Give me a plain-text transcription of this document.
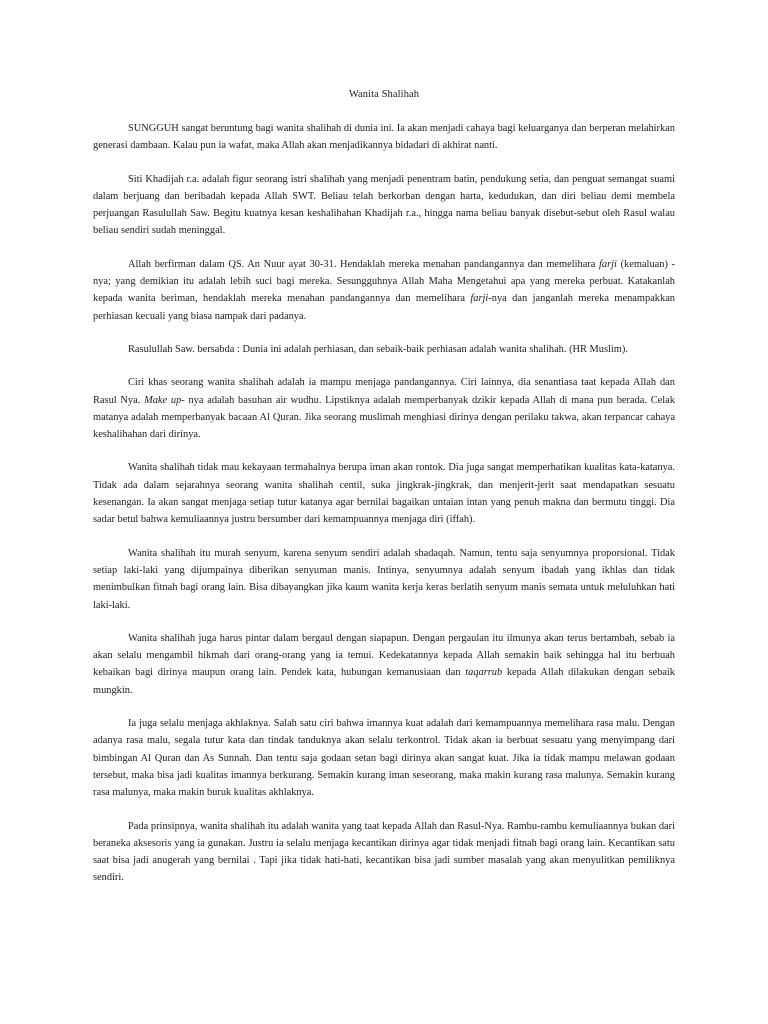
Wanita Shalihah

SUNGGUH sangat beruntung bagi wanita shalihah di dunia ini. Ia akan menjadi cahaya bagi keluarganya dan berperan melahirkan generasi dambaan. Kalau pun ia wafat, maka Allah akan menjadikannya bidadari di akhirat nanti.

Siti Khadijah r.a. adalah figur seorang istri shalihah yang menjadi penentram batin, pendukung setia, dan penguat semangat suami dalam berjuang dan beribadah kepada Allah SWT. Beliau telah berkorban dengan harta, kedudukan, dan diri beliau demi membela perjuangan Rasulullah Saw. Begitu kuatnya kesan keshalihahan Khadijah r.a., hingga nama beliau banyak disebut-sebut oleh Rasul walau beliau sendiri sudah meninggal.

Allah berfirman dalam QS. An Nuur ayat 30-31. Hendaklah mereka menahan pandangannya dan memelihara farji (kemaluan) - nya; yang demikian itu adalah lebih suci bagi mereka. Sesungguhnya Allah Maha Mengetahui apa yang mereka perbuat. Katakanlah kepada wanita beriman, hendaklah mereka menahan pandangannya dan memelihara farji-nya dan janganlah mereka menampakkan perhiasan kecuali yang biasa nampak dari padanya.

Rasulullah Saw. bersabda : Dunia ini adalah perhiasan, dan sebaik-baik perhiasan adalah wanita shalihah. (HR Muslim).

Ciri khas seorang wanita shalihah adalah ia mampu menjaga pandangannya. Ciri lainnya, dia senantiasa taat kepada Allah dan Rasul Nya. Make up- nya adalah basuhan air wudhu. Lipstiknya adalah memperbanyak dzikir kepada Allah di mana pun berada. Celak matanya adalah memperbanyak bacaan Al Quran. Jika seorang muslimah menghiasi dirinya dengan perilaku takwa, akan terpancar cahaya keshalihahan dari dirinya.

Wanita shalihah tidak mau kekayaan termahalnya berupa iman akan rontok. Dia juga sangat memperhatikan kualitas kata-katanya. Tidak ada dalam sejarahnya seorang wanita shalihah centil, suka jingkrak-jingkrak, dan menjerit-jerit saat mendapatkan sesuatu kesenangan. Ia akan sangat menjaga setiap tutur katanya agar bernilai bagaikan untaian intan yang penuh makna dan bermutu tinggi. Dia sadar betul bahwa kemuliaannya justru bersumber dari kemampuannya menjaga diri (iffah).

Wanita shalihah itu murah senyum, karena senyum sendiri adalah shadaqah. Namun, tentu saja senyumnya proporsional. Tidak setiap laki-laki yang dijumpainya diberikan senyuman manis. Intinya, senyumnya adalah senyum ibadah yang ikhlas dan tidak menimbulkan fitnah bagi orang lain. Bisa dibayangkan jika kaum wanita kerja keras berlatih senyum manis semata untuk meluluhkan hati laki-laki.

Wanita shalihah juga harus pintar dalam bergaul dengan siapapun. Dengan pergaulan itu ilmunya akan terus bertambah, sebab ia akan selalu mengambil hikmah dari orang-orang yang ia temui. Kedekatannya kepada Allah semakin baik sehingga hal itu berbuah kebaikan bagi dirinya maupun orang lain. Pendek kata, hubungan kemanusiaan dan taqarrub kepada Allah dilakukan dengan sebaik mungkin.

Ia juga selalu menjaga akhlaknya. Salah satu ciri bahwa imannya kuat adalah dari kemampuannya memelihara rasa malu. Dengan adanya rasa malu, segala tutur kata dan tindak tanduknya akan selalu terkontrol. Tidak akan ia berbuat sesuatu yang menyimpang dari bimbingan Al Quran dan As Sunnah. Dan tentu saja godaan setan bagi dirinya akan sangat kuat. Jika ia tidak mampu melawan godaan tersebut, maka bisa jadi kualitas imannya berkurang. Semakin kurang iman seseorang, maka makin kurang rasa malunya. Semakin kurang rasa malunya, maka makin buruk kualitas akhlaknya.

Pada prinsipnya, wanita shalihah itu adalah wanita yang taat kepada Allah dan Rasul-Nya. Rambu-rambu kemuliaannya bukan dari beraneka aksesoris yang ia gunakan. Justru ia selalu menjaga kecantikan dirinya agar tidak menjadi fitnah bagi orang lain. Kecantikan satu saat bisa jadi anugerah yang bernilai . Tapi jika tidak hati-hati, kecantikan bisa jadi sumber masalah yang akan menyulitkan pemiliknya sendiri.
